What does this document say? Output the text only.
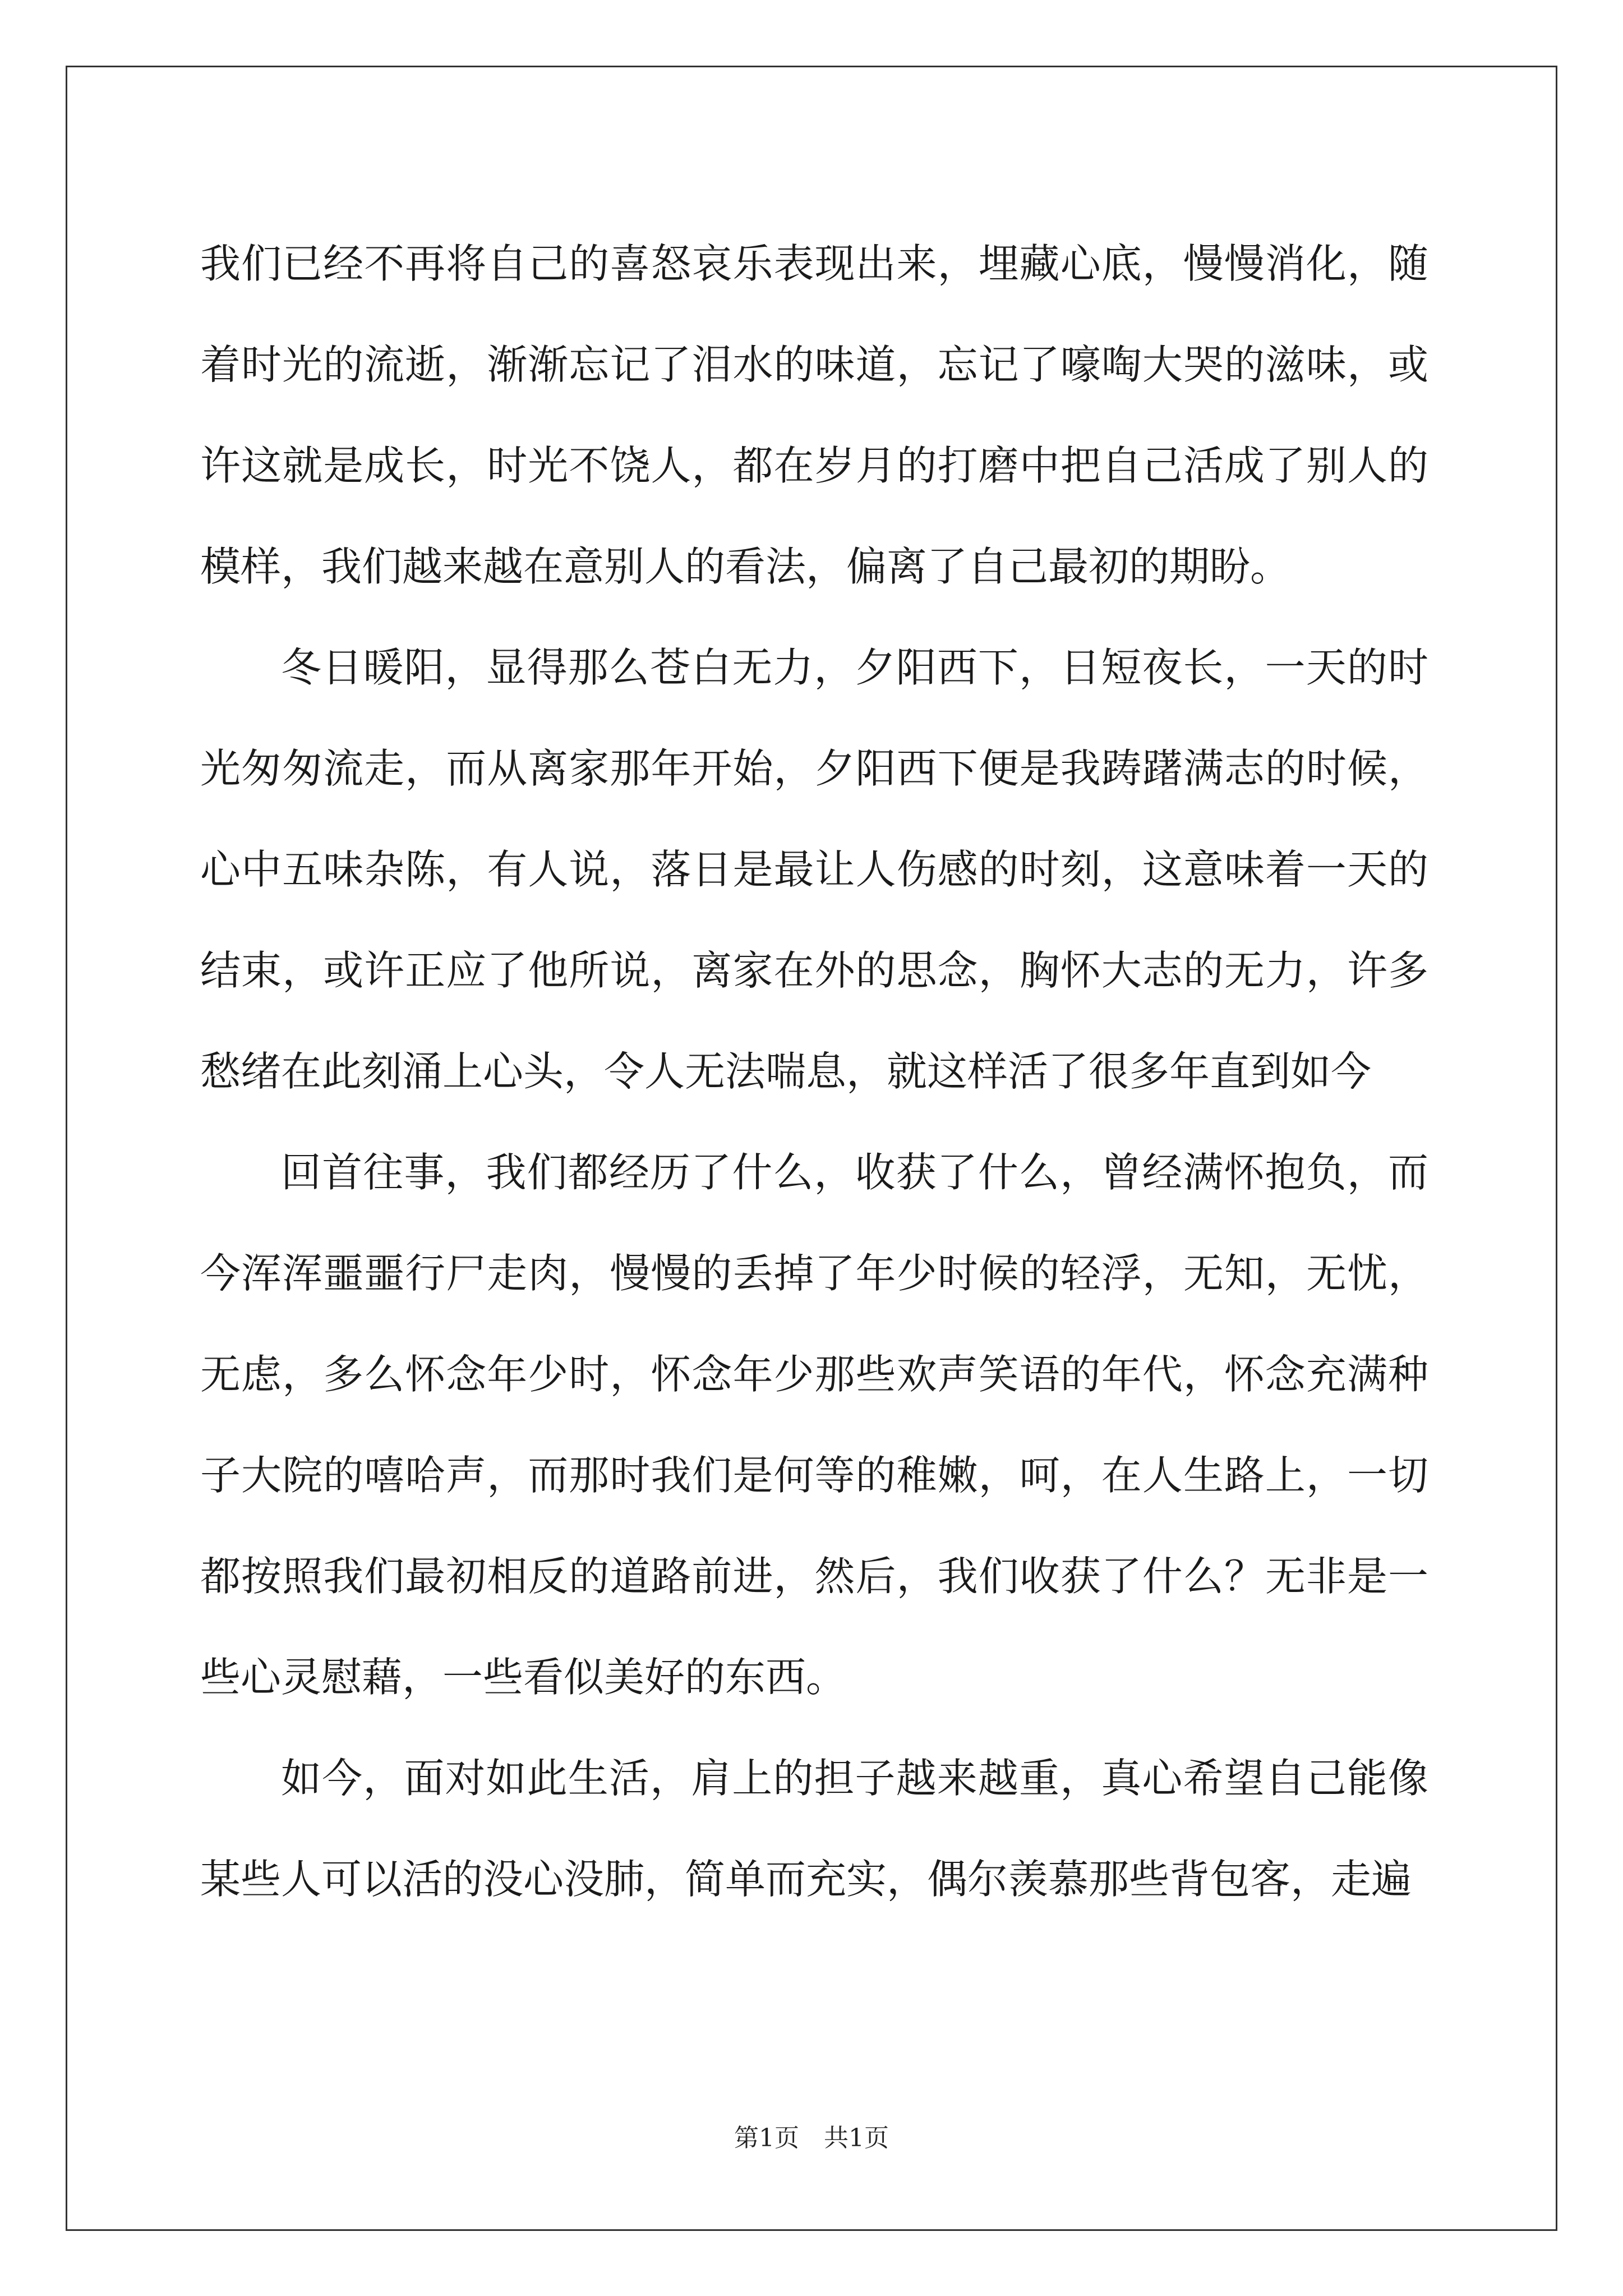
我们已经不再将自己的喜怒哀乐表现出来，埋藏心底，慢慢消化，随着时光的流逝，渐渐忘记了泪水的味道，忘记了嚎啕大哭的滋味，或许这就是成长，时光不饶人，都在岁月的打磨中把自己活成了别人的模样，我们越来越在意别人的看法，偏离了自己最初的期盼。

冬日暖阳，显得那么苍白无力，夕阳西下，日短夜长，一天的时光匆匆流走，而从离家那年开始，夕阳西下便是我踌躇满志的时候，心中五味杂陈，有人说，落日是最让人伤感的时刻，这意味着一天的结束，或许正应了他所说，离家在外的思念，胸怀大志的无力，许多愁绪在此刻涌上心头，令人无法喘息，就这样活了很多年直到如今

回首往事，我们都经历了什么，收获了什么，曾经满怀抱负，而今浑浑噩噩行尸走肉，慢慢的丢掉了年少时候的轻浮，无知，无忧，无虑，多么怀念年少时，怀念年少那些欢声笑语的年代，怀念充满种子大院的嘻哈声，而那时我们是何等的稚嫩，呵，在人生路上，一切都按照我们最初相反的道路前进，然后，我们收获了什么？无非是一些心灵慰藉，一些看似美好的东西。

如今，面对如此生活，肩上的担子越来越重，真心希望自己能像某些人可以活的没心没肺，简单而充实，偶尔羡慕那些背包客，走遍

第1页　共1页
